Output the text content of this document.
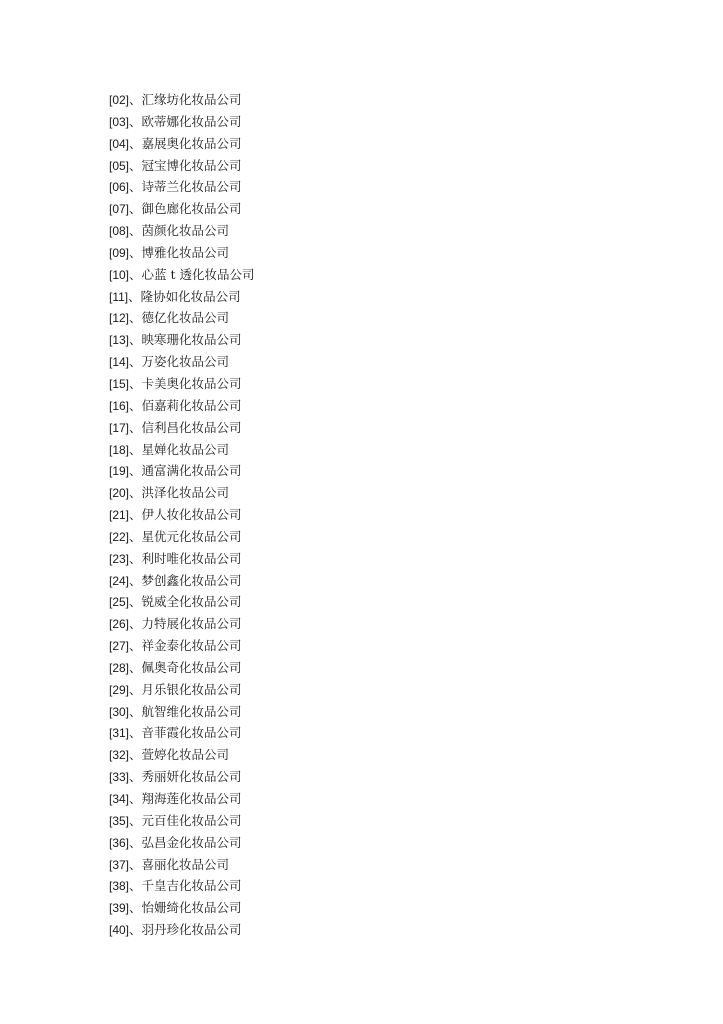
[02]、汇缘坊化妆品公司
[03]、欧蒂娜化妆品公司
[04]、嘉展奥化妆品公司
[05]、冠宝博化妆品公司
[06]、诗蒂兰化妆品公司
[07]、御色廊化妆品公司
[08]、茵颜化妆品公司
[09]、博雅化妆品公司
[10]、心蓝 t 透化妆品公司
[11]、隆协如化妆品公司
[12]、德亿化妆品公司
[13]、映寒珊化妆品公司
[14]、万姿化妆品公司
[15]、卡美奥化妆品公司
[16]、佰嘉莉化妆品公司
[17]、信利昌化妆品公司
[18]、星婵化妆品公司
[19]、通富满化妆品公司
[20]、洪泽化妆品公司
[21]、伊人妆化妆品公司
[22]、星优元化妆品公司
[23]、利时唯化妆品公司
[24]、梦创鑫化妆品公司
[25]、锐威全化妆品公司
[26]、力特展化妆品公司
[27]、祥金泰化妆品公司
[28]、佩奥奇化妆品公司
[29]、月乐银化妆品公司
[30]、航智维化妆品公司
[31]、音菲霞化妆品公司
[32]、萱婷化妆品公司
[33]、秀丽妍化妆品公司
[34]、翔海莲化妆品公司
[35]、元百佳化妆品公司
[36]、弘昌金化妆品公司
[37]、喜丽化妆品公司
[38]、千皇吉化妆品公司
[39]、怡姗绮化妆品公司
[40]、羽丹珍化妆品公司
